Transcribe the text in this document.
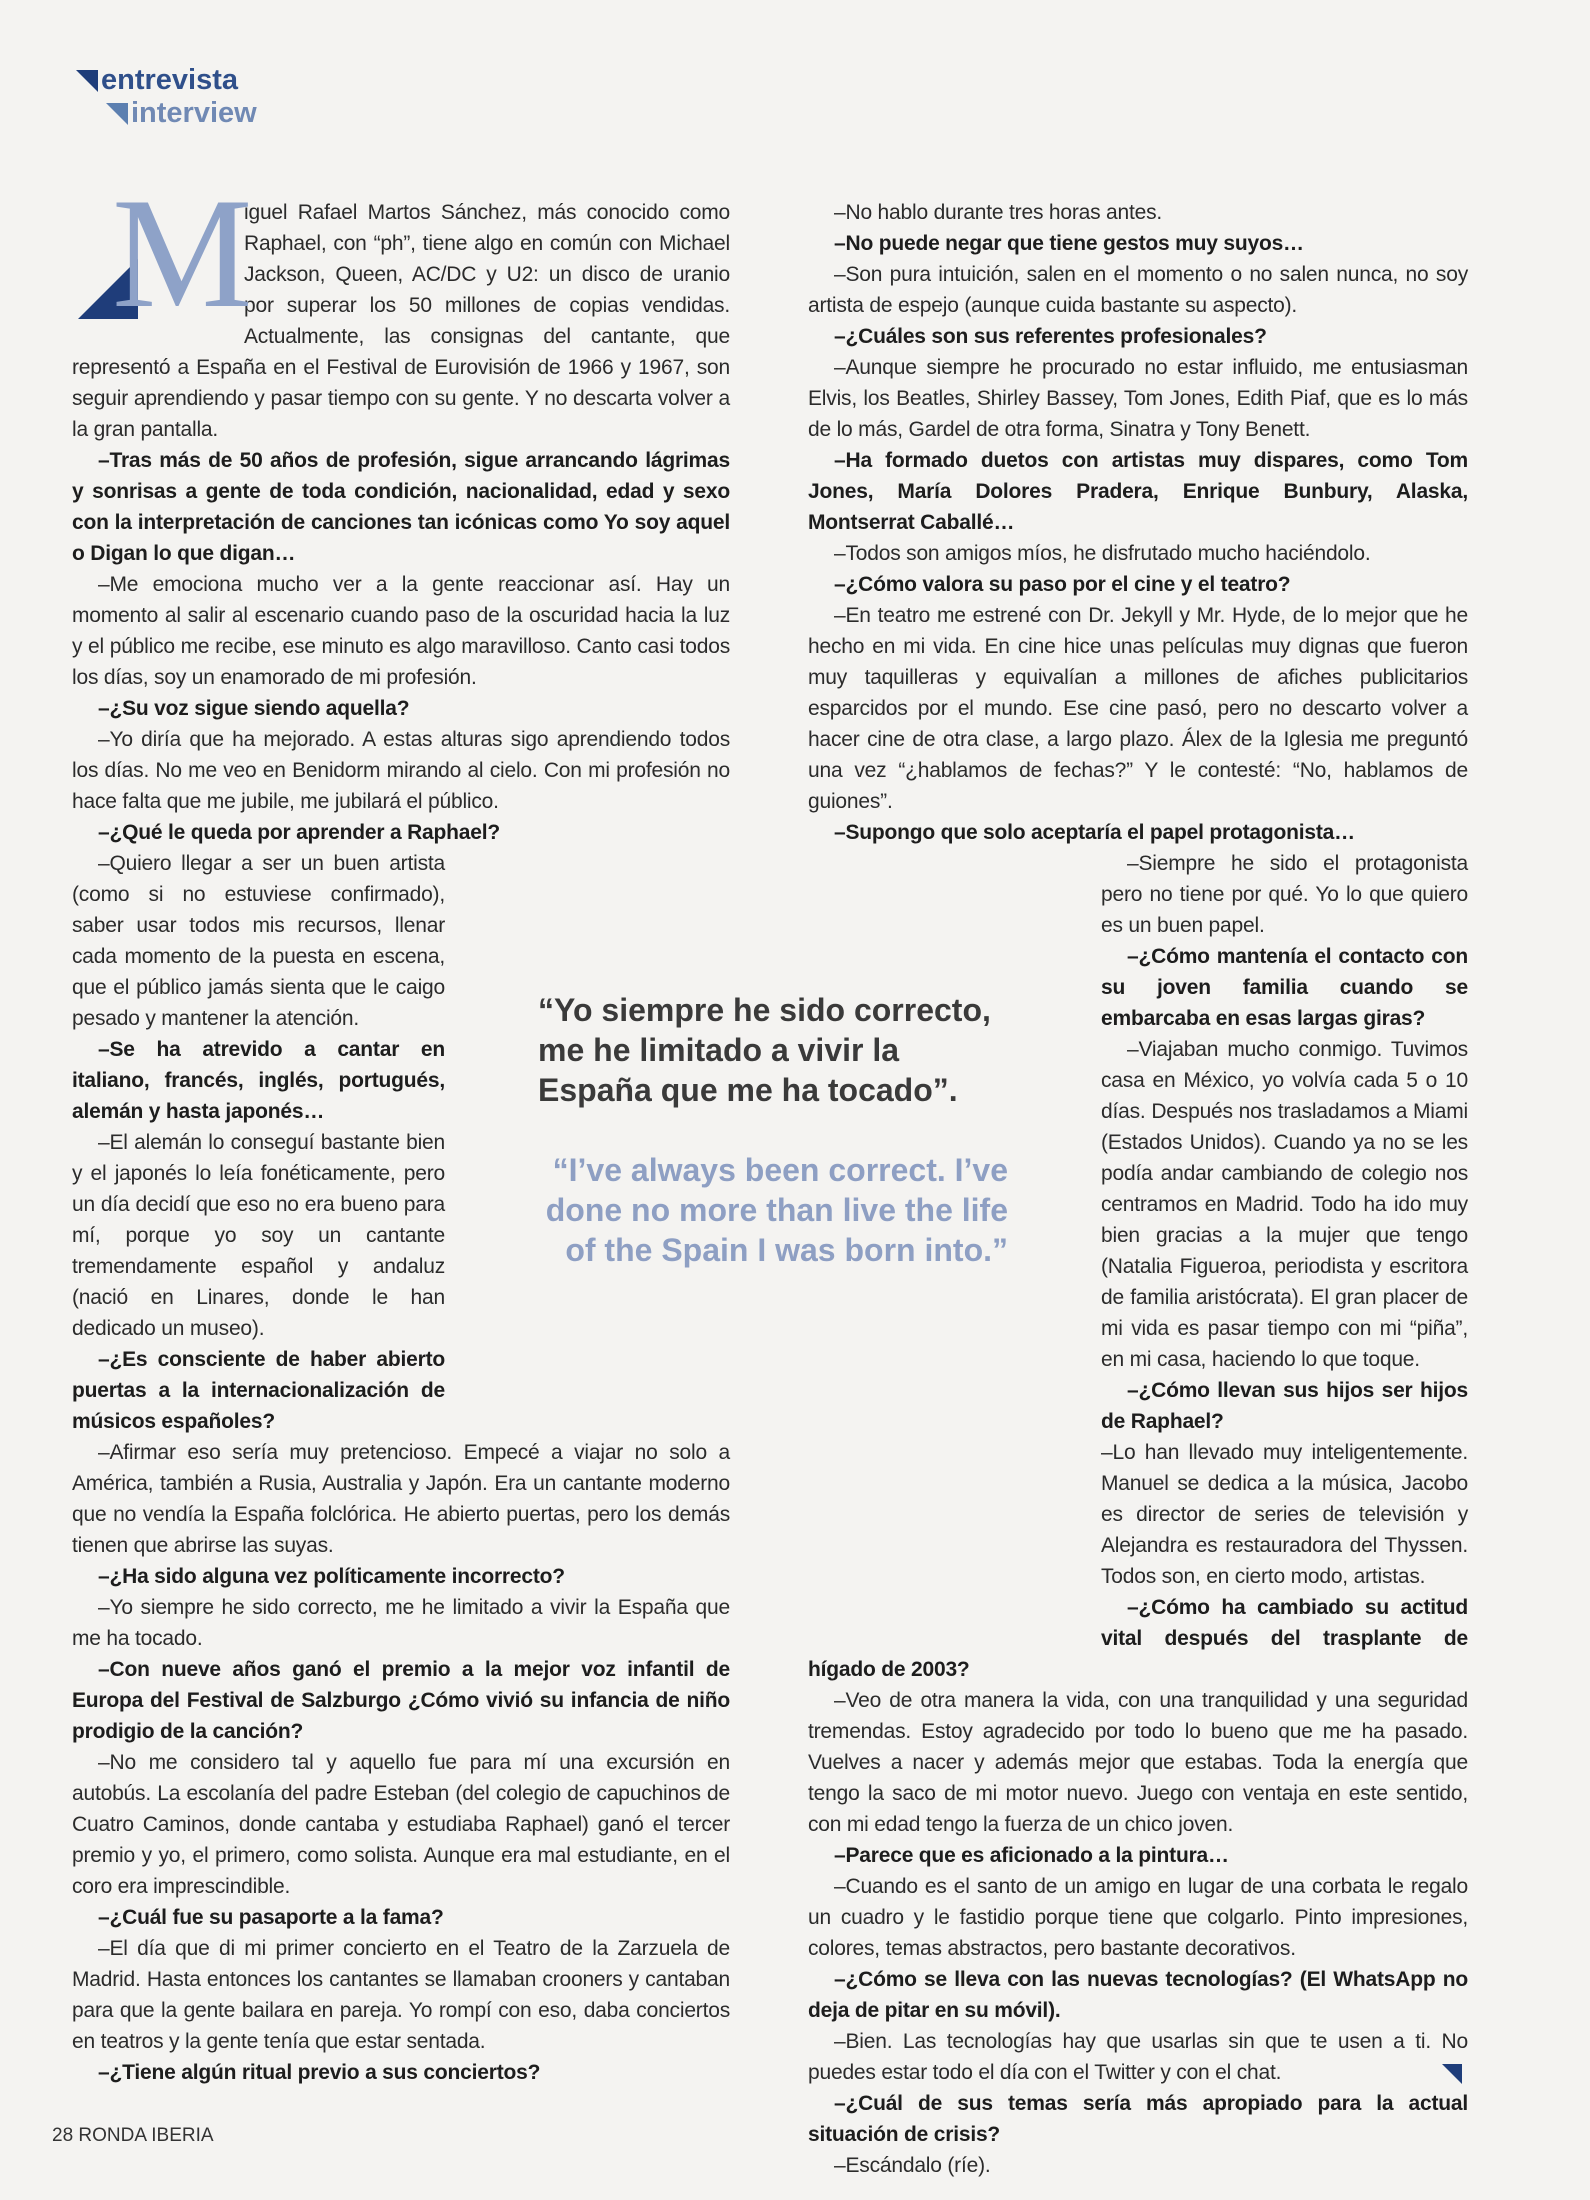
entrevista
interview
M

iguel Rafael Martos Sánchez, más conocido como Raphael, con “ph”, tiene algo en común con Michael Jackson, Queen, AC/DC y U2: un disco de uranio por superar los 50 millones de copias vendidas. Actualmente, las consignas del cantante, que representó a España en el Festival de Eurovisión de 1966 y 1967, son seguir aprendiendo y pasar tiempo con su gente. Y no descarta volver a la gran pantalla.

–Tras más de 50 años de profesión, sigue arrancando lágrimas y sonrisas a gente de toda condición, nacionalidad, edad y sexo con la interpretación de canciones tan icónicas como Yo soy aquel o Digan lo que digan…

–Me emociona mucho ver a la gente reaccionar así. Hay un momento al salir al escenario cuando paso de la oscuridad hacia la luz y el público me recibe, ese minuto es algo maravilloso. Canto casi todos los días, soy un enamorado de mi profesión.

–¿Su voz sigue siendo aquella?

–Yo diría que ha mejorado. A estas alturas sigo aprendiendo todos los días. No me veo en Benidorm mirando al cielo. Con mi profesión no hace falta que me jubile, me jubilará el público.

–¿Qué le queda por aprender a Raphael?

–Quiero llegar a ser un buen artista (como si no estuviese confirmado), saber usar todos mis recursos, llenar cada momento de la puesta en escena, que el público jamás sienta que le caigo pesado y mantener la atención.

–Se ha atrevido a cantar en italiano, francés, inglés, portugués, alemán y hasta japonés…

–El alemán lo conseguí bastante bien y el japonés lo leía fonéticamente, pero un día decidí que eso no era bueno para mí, porque yo soy un cantante tremendamente español y andaluz (nació en Linares, donde le han dedicado un museo).

–¿Es consciente de haber abierto puertas a la internacionalización de músicos españoles?

–Afirmar eso sería muy pretencioso. Empecé a viajar no solo a América, también a Rusia, Australia y Japón. Era un cantante moderno que no vendía la España folclórica. He abierto puertas, pero los demás tienen que abrirse las suyas.

–¿Ha sido alguna vez políticamente incorrecto?

–Yo siempre he sido correcto, me he limitado a vivir la España que me ha tocado.

–Con nueve años ganó el premio a la mejor voz infantil de Europa del Festival de Salzburgo ¿Cómo vivió su infancia de niño prodigio de la canción?

–No me considero tal y aquello fue para mí una excursión en autobús. La escolanía del padre Esteban (del colegio de capuchinos de Cuatro Caminos, donde cantaba y estudiaba Raphael) ganó el tercer premio y yo, el primero, como solista. Aunque era mal estudiante, en el coro era imprescindible.

–¿Cuál fue su pasaporte a la fama?

–El día que di mi primer concierto en el Teatro de la Zarzuela de Madrid. Hasta entonces los cantantes se llamaban crooners y cantaban para que la gente bailara en pareja. Yo rompí con eso, daba conciertos en teatros y la gente tenía que estar sentada.

–¿Tiene algún ritual previo a sus conciertos?

–No hablo durante tres horas antes.

–No puede negar que tiene gestos muy suyos…

–Son pura intuición, salen en el momento o no salen nunca, no soy artista de espejo (aunque cuida bastante su aspecto).

–¿Cuáles son sus referentes profesionales?

–Aunque siempre he procurado no estar influido, me entusiasman Elvis, los Beatles, Shirley Bassey, Tom Jones, Edith Piaf, que es lo más de lo más, Gardel de otra forma, Sinatra y Tony Benett.

–Ha formado duetos con artistas muy dispares, como Tom Jones, María Dolores Pradera, Enrique Bunbury, Alaska, Montserrat Caballé…

–Todos son amigos míos, he disfrutado mucho haciéndolo.

–¿Cómo valora su paso por el cine y el teatro?

–En teatro me estrené con Dr. Jekyll y Mr. Hyde, de lo mejor que he hecho en mi vida. En cine hice unas películas muy dignas que fueron muy taquilleras y equivalían a millones de afiches publicitarios esparcidos por el mundo. Ese cine pasó, pero no descarto volver a hacer cine de otra clase, a largo plazo. Álex de la Iglesia me preguntó una vez “¿hablamos de fechas?” Y le contesté: “No, hablamos de guiones”.

–Supongo que solo aceptaría el papel protagonista…

–Siempre he sido el protagonista pero no tiene por qué. Yo lo que quiero es un buen papel.

–¿Cómo mantenía el contacto con su joven familia cuando se embarcaba en esas largas giras?

–Viajaban mucho conmigo. Tuvimos casa en México, yo volvía cada 5 o 10 días. Después nos trasladamos a Miami (Estados Unidos). Cuando ya no se les podía andar cambiando de colegio nos centramos en Madrid. Todo ha ido muy bien gracias a la mujer que tengo (Natalia Figueroa, periodista y escritora de familia aristócrata). El gran placer de mi vida es pasar tiempo con mi “piña”, en mi casa, haciendo lo que toque.

–¿Cómo llevan sus hijos ser hijos de Raphael?

–Lo han llevado muy inteligentemente. Manuel se dedica a la música, Jacobo es director de series de televisión y Alejandra es restauradora del Thyssen. Todos son, en cierto modo, artistas.

–¿Cómo ha cambiado su actitud vital después del trasplante de hígado de 2003?

–Veo de otra manera la vida, con una tranquilidad y una seguridad tremendas. Estoy agradecido por todo lo bueno que me ha pasado. Vuelves a nacer y además mejor que estabas. Toda la energía que tengo la saco de mi motor nuevo. Juego con ventaja en este sentido, con mi edad tengo la fuerza de un chico joven.

–Parece que es aficionado a la pintura…

–Cuando es el santo de un amigo en lugar de una corbata le regalo un cuadro y le fastidio porque tiene que colgarlo. Pinto impresiones, colores, temas abstractos, pero bastante decorativos.

–¿Cómo se lleva con las nuevas tecnologías? (El WhatsApp no deja de pitar en su móvil).

–Bien. Las tecnologías hay que usarlas sin que te usen a ti. No puedes estar todo el día con el Twitter y con el chat.

–¿Cuál de sus temas sería más apropiado para la actual situación de crisis?

–Escándalo (ríe).

“Yo siempre he sido correcto, me he limitado a vivir la España que me ha tocado”.
“I’ve always been correct. I’ve done no more than live the life of the Spain I was born into.”
28 RONDA IBERIA
